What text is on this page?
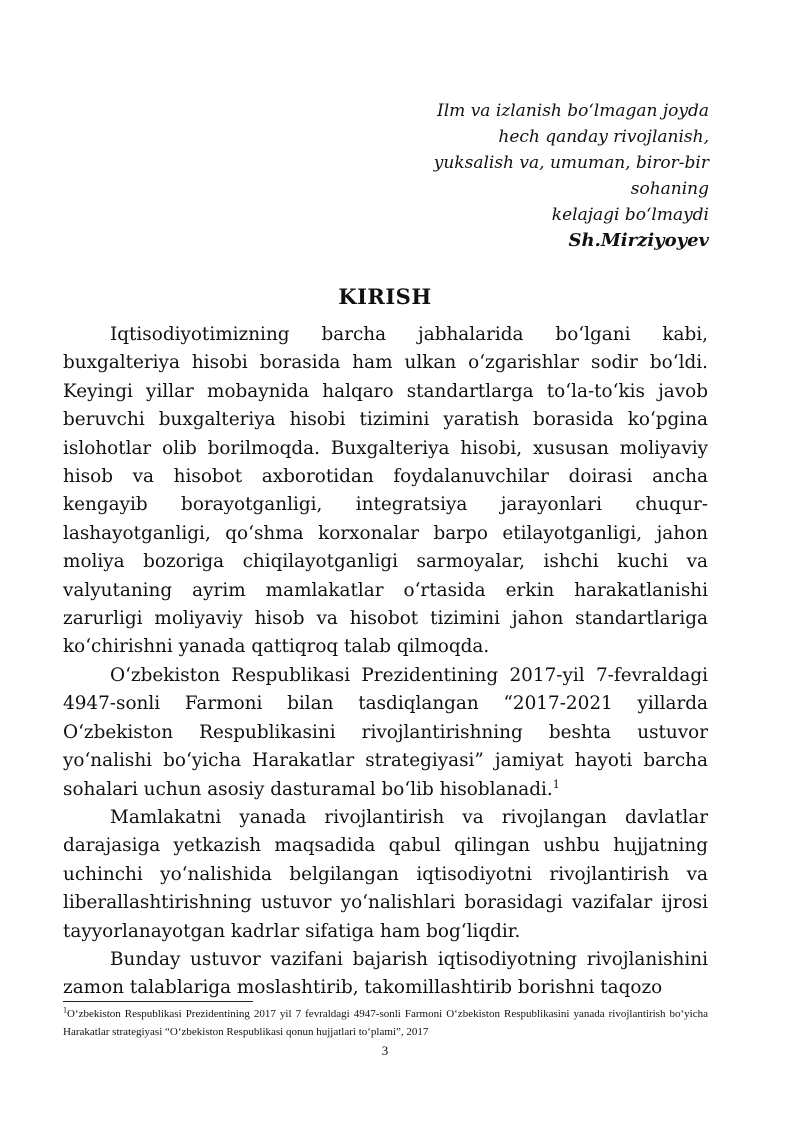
Ilm va izlanish bo‘lmagan joyda
hech qanday rivojlanish,
yuksalish va, umuman, biror-bir
sohaning
kelajagi bo‘lmaydi
Sh.Mirziyoyev
KIRISH

Iqtisodiyotimizning barcha jabhalarida bo‘lgani kabi, buxgalteriya hisobi borasida ham ulkan o‘zgarishlar sodir bo‘ldi. Keyingi yillar mobaynida halqaro standartlarga to‘la-to‘kis javob beruvchi buxgalteriya hisobi tizimini yaratish borasida ko‘pgina islohotlar olib borilmoqda. Buxgalteriya hisobi, xususan moliyaviy hisob va hisobot axborotidan foydalanuvchilar doirasi ancha kengayib borayotganligi, integratsiya jarayonlari chuqur-lashayotganligi, qo‘shma korxonalar barpo etilayotganligi, jahon moliya bozoriga chiqilayotganligi sarmoyalar, ishchi kuchi va valyutaning ayrim mamlakatlar o‘rtasida erkin harakatlanishi zarurligi moliyaviy hisob va hisobot tizimini jahon standartlariga ko‘chirishni yanada qattiqroq talab qilmoqda.

O‘zbekiston Respublikasi Prezidentining 2017-yil 7-fevraldagi 4947-sonli Farmoni bilan tasdiqlangan “2017-2021 yillarda O‘zbekiston Respublikasini rivojlantirishning beshta ustuvor yo‘nalishi bo‘yicha Harakatlar strategiyasi” jamiyat hayoti barcha sohalari uchun asosiy dasturamal bo‘lib hisoblanadi.$^1$

Mamlakatni yanada rivojlantirish va rivojlangan davlatlar darajasiga yetkazish maqsadida qabul qilingan ushbu hujjatning uchinchi yo‘nalishida belgilangan iqtisodiyotni rivojlantirish va liberallashtirishning ustuvor yo‘nalishlari borasidagi vazifalar ijrosi tayyorlanayotgan kadrlar sifatiga ham bog‘liqdir.

Bunday ustuvor vazifani bajarish iqtisodiyotning rivojlanishini zamon talablariga moslashtirib, takomillashtirib borishni taqozo

$^1$O‘zbekiston Respublikasi Prezidentining 2017 yil 7 fevraldagi 4947-sonli Farmoni O‘zbekiston Respublikasini yanada rivojlantirish bo‘yicha Harakatlar strategiyasi “O‘zbekiston Respublikasi qonun hujjatlari to‘plami”, 2017
3
